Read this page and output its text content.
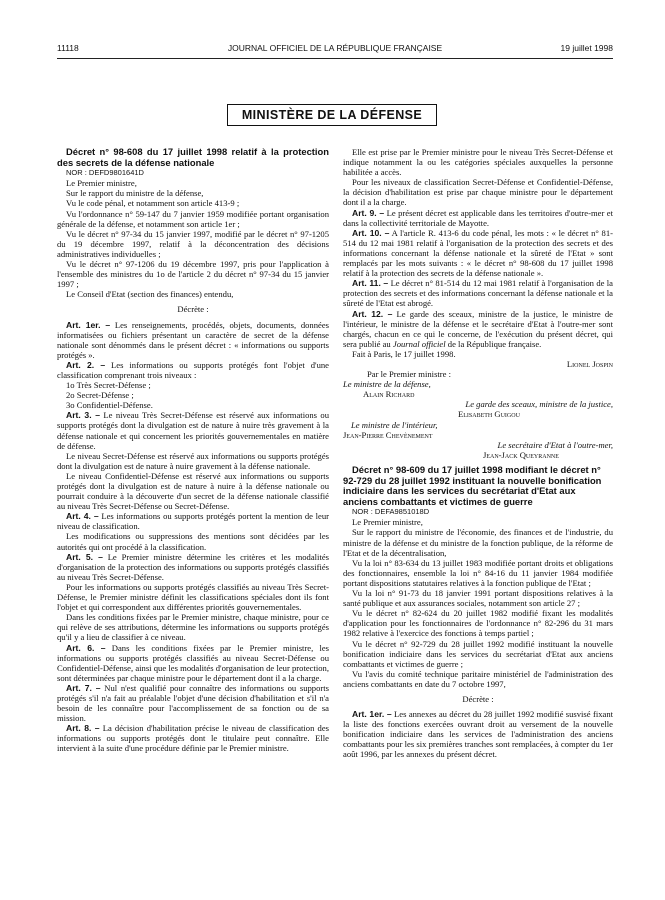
11118	JOURNAL OFFICIEL DE LA RÉPUBLIQUE FRANÇAISE	19 juillet 1998
MINISTÈRE DE LA DÉFENSE

Décret n° 98-608 du 17 juillet 1998 relatif à la protection des secrets de la défense nationale

NOR : DEFD9801641D

Le Premier ministre,

Sur le rapport du ministre de la défense,

Vu le code pénal, et notamment son article 413-9 ;

Vu l'ordonnance n° 59-147 du 7 janvier 1959 modifiée portant organisation générale de la défense, et notamment son article 1er ;

Vu le décret n° 97-34 du 15 janvier 1997, modifié par le décret n° 97-1205 du 19 décembre 1997, relatif à la déconcentration des décisions administratives individuelles ;

Vu le décret n° 97-1206 du 19 décembre 1997, pris pour l'application à l'ensemble des ministres du 1o de l'article 2 du décret n° 97-34 du 15 janvier 1997 ;

Le Conseil d'Etat (section des finances) entendu,

Décrète :

Art. 1er. – Les renseignements, procédés, objets, documents, données informatisées ou fichiers présentant un caractère de secret de la défense nationale sont dénommés dans le présent décret : « informations ou supports protégés ».

Art. 2. – Les informations ou supports protégés font l'objet d'une classification comprenant trois niveaux :

1o Très Secret-Défense ;

2o Secret-Défense ;

3o Confidentiel-Défense.

Art. 3. – Le niveau Très Secret-Défense est réservé aux informations ou supports protégés dont la divulgation est de nature à nuire très gravement à la défense nationale et qui concernent les priorités gouvernementales en matière de défense.

Le niveau Secret-Défense est réservé aux informations ou supports protégés dont la divulgation est de nature à nuire gravement à la défense nationale.

Le niveau Confidentiel-Défense est réservé aux informations ou supports protégés dont la divulgation est de nature à nuire à la défense nationale ou pourrait conduire à la découverte d'un secret de la défense nationale classifié au niveau Très Secret-Défense ou Secret-Défense.

Art. 4. – Les informations ou supports protégés portent la mention de leur niveau de classification.

Les modifications ou suppressions des mentions sont décidées par les autorités qui ont procédé à la classification.

Art. 5. – Le Premier ministre détermine les critères et les modalités d'organisation de la protection des informations ou supports protégés classifiés au niveau Très Secret-Défense.

Pour les informations ou supports protégés classifiés au niveau Très Secret-Défense, le Premier ministre définit les classifications spéciales dont ils font l'objet et qui correspondent aux différentes priorités gouvernementales.

Dans les conditions fixées par le Premier ministre, chaque ministre, pour ce qui relève de ses attributions, détermine les informations ou supports protégés qu'il y a lieu de classifier à ce niveau.

Art. 6. – Dans les conditions fixées par le Premier ministre, les informations ou supports protégés classifiés au niveau Secret-Défense ou Confidentiel-Défense, ainsi que les modalités d'organisation de leur protection, sont déterminées par chaque ministre pour le département dont il a la charge.

Art. 7. – Nul n'est qualifié pour connaître des informations ou supports protégés s'il n'a fait au préalable l'objet d'une décision d'habilitation et s'il n'a besoin de les connaître pour l'accomplissement de sa fonction ou de sa mission.

Art. 8. – La décision d'habilitation précise le niveau de classification des informations ou supports protégés dont le titulaire peut connaître. Elle intervient à la suite d'une procédure définie par le Premier ministre.

Elle est prise par le Premier ministre pour le niveau Très Secret-Défense et indique notamment la ou les catégories spéciales auxquelles la personne habilitée a accès.

Pour les niveaux de classification Secret-Défense et Confidentiel-Défense, la décision d'habilitation est prise par chaque ministre pour le département dont il a la charge.

Art. 9. – Le présent décret est applicable dans les territoires d'outre-mer et dans la collectivité territoriale de Mayotte.

Art. 10. – A l'article R. 413-6 du code pénal, les mots : « le décret n° 81-514 du 12 mai 1981 relatif à l'organisation de la protection des secrets et des informations concernant la défense nationale et la sûreté de l'Etat » sont remplacés par les mots suivants : « le décret n° 98-608 du 17 juillet 1998 relatif à la protection des secrets de la défense nationale ».

Art. 11. – Le décret n° 81-514 du 12 mai 1981 relatif à l'organisation de la protection des secrets et des informations concernant la défense nationale et la sûreté de l'Etat est abrogé.

Art. 12. – Le garde des sceaux, ministre de la justice, le ministre de l'intérieur, le ministre de la défense et le secrétaire d'Etat à l'outre-mer sont chargés, chacun en ce qui le concerne, de l'exécution du présent décret, qui sera publié au Journal officiel de la République française.

Fait à Paris, le 17 juillet 1998.

Lionel Jospin

Par le Premier ministre :

Le ministre de la défense,

Alain Richard

Le garde des sceaux, ministre de la justice,

Elisabeth Guigou

Le ministre de l'intérieur,

Jean-Pierre Chevènement

Le secrétaire d'Etat à l'outre-mer,

Jean-Jack Queyranne

Décret n° 98-609 du 17 juillet 1998 modifiant le décret n° 92-729 du 28 juillet 1992 instituant la nouvelle bonification indiciaire dans les services du secrétariat d'Etat aux anciens combattants et victimes de guerre

NOR : DEFA9851018D

Le Premier ministre,

Sur le rapport du ministre de l'économie, des finances et de l'industrie, du ministre de la défense et du ministre de la fonction publique, de la réforme de l'Etat et de la décentralisation,

Vu la loi n° 83-634 du 13 juillet 1983 modifiée portant droits et obligations des fonctionnaires, ensemble la loi n° 84-16 du 11 janvier 1984 modifiée portant dispositions statutaires relatives à la fonction publique de l'Etat ;

Vu la loi n° 91-73 du 18 janvier 1991 portant dispositions relatives à la santé publique et aux assurances sociales, notamment son article 27 ;

Vu le décret n° 82-624 du 20 juillet 1982 modifié fixant les modalités d'application pour les fonctionnaires de l'ordonnance n° 82-296 du 31 mars 1982 relative à l'exercice des fonctions à temps partiel ;

Vu le décret n° 92-729 du 28 juillet 1992 modifié instituant la nouvelle bonification indiciaire dans les services du secrétariat d'Etat aux anciens combattants et victimes de guerre ;

Vu l'avis du comité technique paritaire ministériel de l'administration des anciens combattants en date du 7 octobre 1997,

Décrète :

Art. 1er. – Les annexes au décret du 28 juillet 1992 modifié susvisé fixant la liste des fonctions exercées ouvrant droit au versement de la nouvelle bonification indiciaire dans les services de l'administration des anciens combattants pour les six premières tranches sont remplacées, à compter du 1er août 1996, par les annexes du présent décret.
